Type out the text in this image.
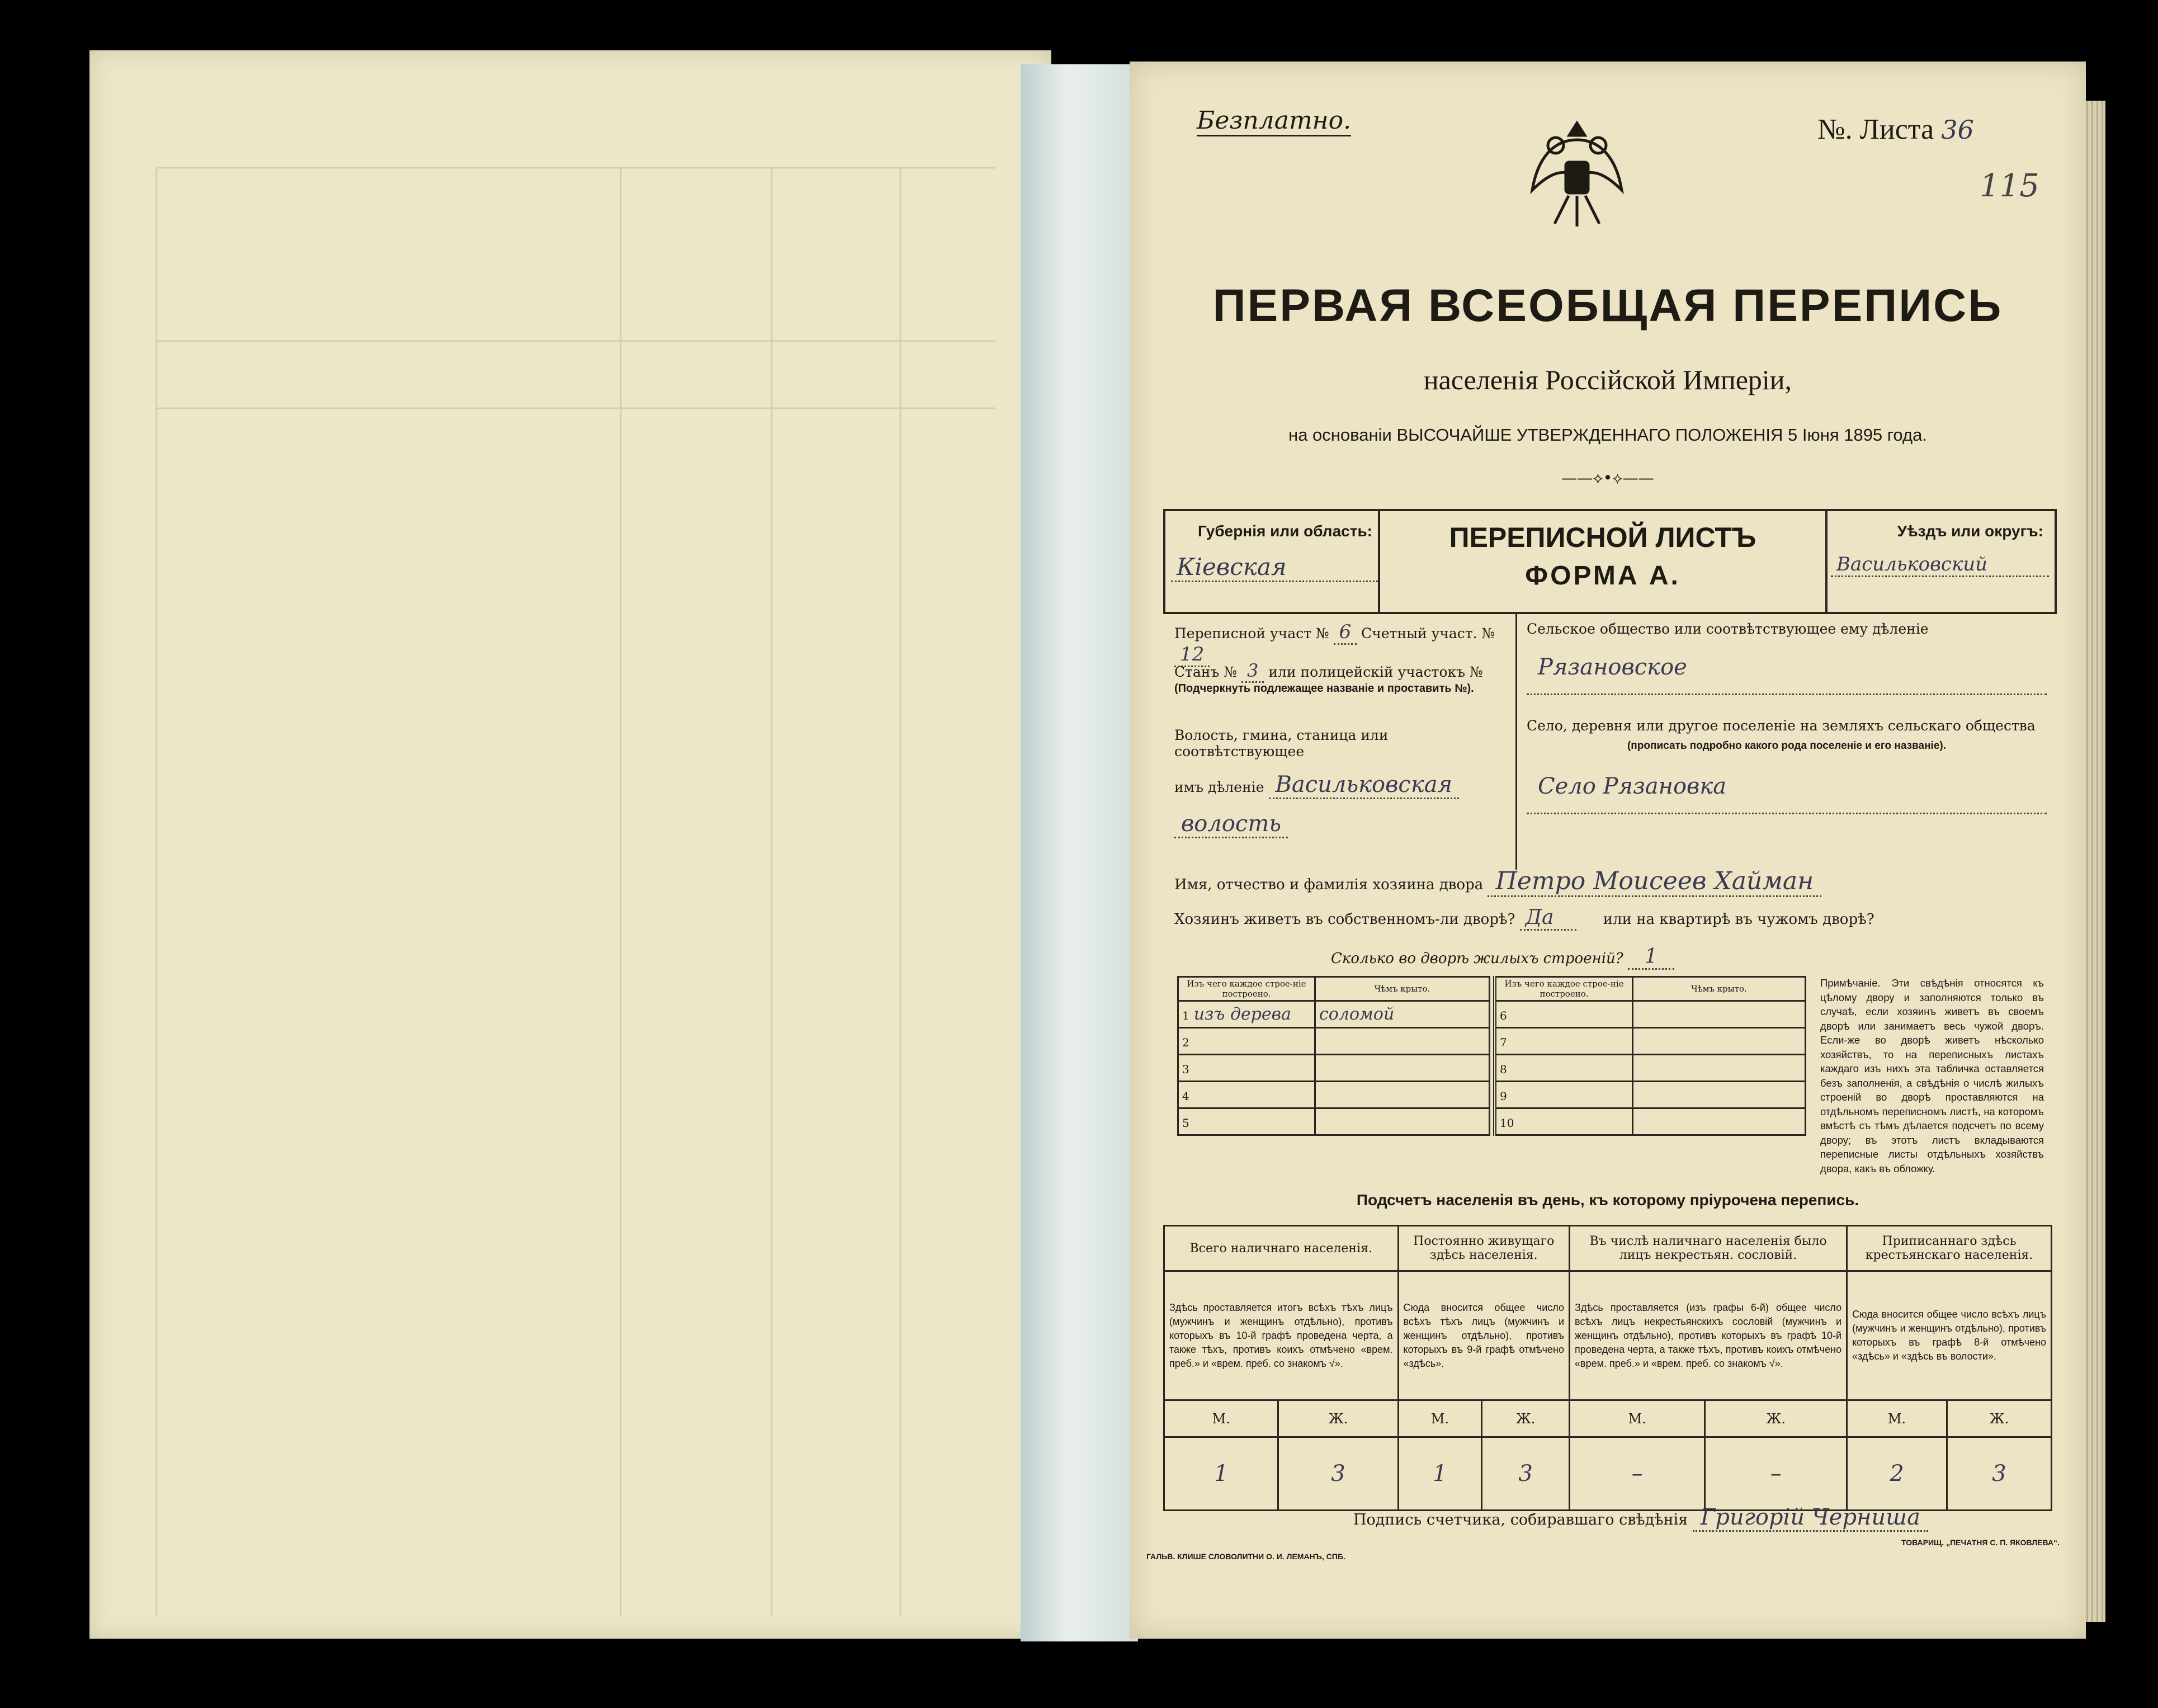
Безплатно.	№. Листа 36
115
ПЕРВАЯ ВСЕОБЩАЯ ПЕРЕПИСЬ
населенія Россійской Имперіи,
на основаніи ВЫСОЧАЙШЕ УТВЕРЖДЕННАГО ПОЛОЖЕНІЯ 5 Іюня 1895 года.
——⟡•⟡——
Губернія или область:
Кіевская
ПЕРЕПИСНОЙ ЛИСТЪ
ФОРМА А.
Уѣздъ или округъ:
Васильковский
Переписной участ № 6 Счетный участ. № 12
Станъ № 3 или полицейскій участокъ №
(Подчеркнуть подлежащее названіе и проставить №).
Волость, гмина, станица или соотвѣтствующее
имъ дѣленіе Васильковская
волость
Сельское общество или соотвѣтствующее ему дѣленіе
Рязановское
Село, деревня или другое поселеніе на земляхъ сельскаго общества
(прописать подробно какого рода поселеніе и его названіе).
Село Рязановка
Имя, отчество и фамилія хозяина двора Петро Моисеев Хайман
Хозяинъ живетъ въ собственномъ-ли дворѣ? Да	или на квартирѣ въ чужомъ дворѣ?
Сколько во дворѣ жилыхъ строеній? 1
Изъ чего каждое строе-ніе построено.	Чѣмъ крыто.
1 изъ дерева	соломой
2	
3	
4	
5	
Изъ чего каждое строе-ніе построено.	Чѣмъ крыто.
6	
7	
8	
9	
10	
Примѣчаніе. Эти свѣдѣнія относятся къ цѣлому двору и заполняются только въ случаѣ, если хозяинъ живетъ въ своемъ дворѣ или занимаетъ весь чужой дворъ. Если-же во дворѣ живетъ нѣсколько хозяйствъ, то на переписныхъ листахъ каждаго изъ нихъ эта табличка оставляется безъ заполненія, а свѣдѣнія о числѣ жилыхъ строеній во дворѣ проставляются на отдѣльномъ переписномъ листѣ, на которомъ вмѣстѣ съ тѣмъ дѣлается подсчетъ по всему двору; въ этотъ листъ вкладываются переписные листы отдѣльныхъ хозяйствъ двора, какъ въ обложку.
Подсчетъ населенія въ день, къ которому пріурочена перепись.
Всего наличнаго населенія.		Постоянно живущаго здѣсь населенія.		Въ числѣ наличнаго населенія было лицъ некрестьян. сословій.		Приписаннаго здѣсь крестьянскаго населенія.	
Здѣсь проставляется итогъ всѣхъ тѣхъ лицъ (мужчинъ и женщинъ отдѣльно), противъ которыхъ въ 10-й графѣ проведена черта, а также тѣхъ, противъ коихъ отмѣчено «врем. преб.» и «врем. преб. со знакомъ √».		Сюда вносится общее число всѣхъ тѣхъ лицъ (мужчинъ и женщинъ отдѣльно), противъ которыхъ въ 9-й графѣ отмѣчено «здѣсь».		Здѣсь проставляется (изъ графы 6-й) общее число всѣхъ лицъ некрестьянскихъ сословій (мужчинъ и женщинъ отдѣльно), противъ которыхъ въ графѣ 10-й проведена черта, а также тѣхъ, противъ коихъ отмѣчено «врем. преб.» и «врем. преб. со знакомъ √».		Сюда вносится общее число всѣхъ лицъ (мужчинъ и женщинъ отдѣльно), противъ которыхъ въ графѣ 8-й отмѣчено «здѣсь» и «здѣсь въ волости».	
М.	Ж.	М.	Ж.	М.	Ж.	М.	Ж.
1	3	1	3	–	–	2	3
Подпись счетчика, собиравшаго свѣдѣнія Григорій Черниша
ГАЛЬВ. КЛИШЕ СЛОВОЛИТНИ О. И. ЛЕМАНЪ, СПБ.
ТОВАРИЩ. „ПЕЧАТНЯ С. П. ЯКОВЛЕВА“.
